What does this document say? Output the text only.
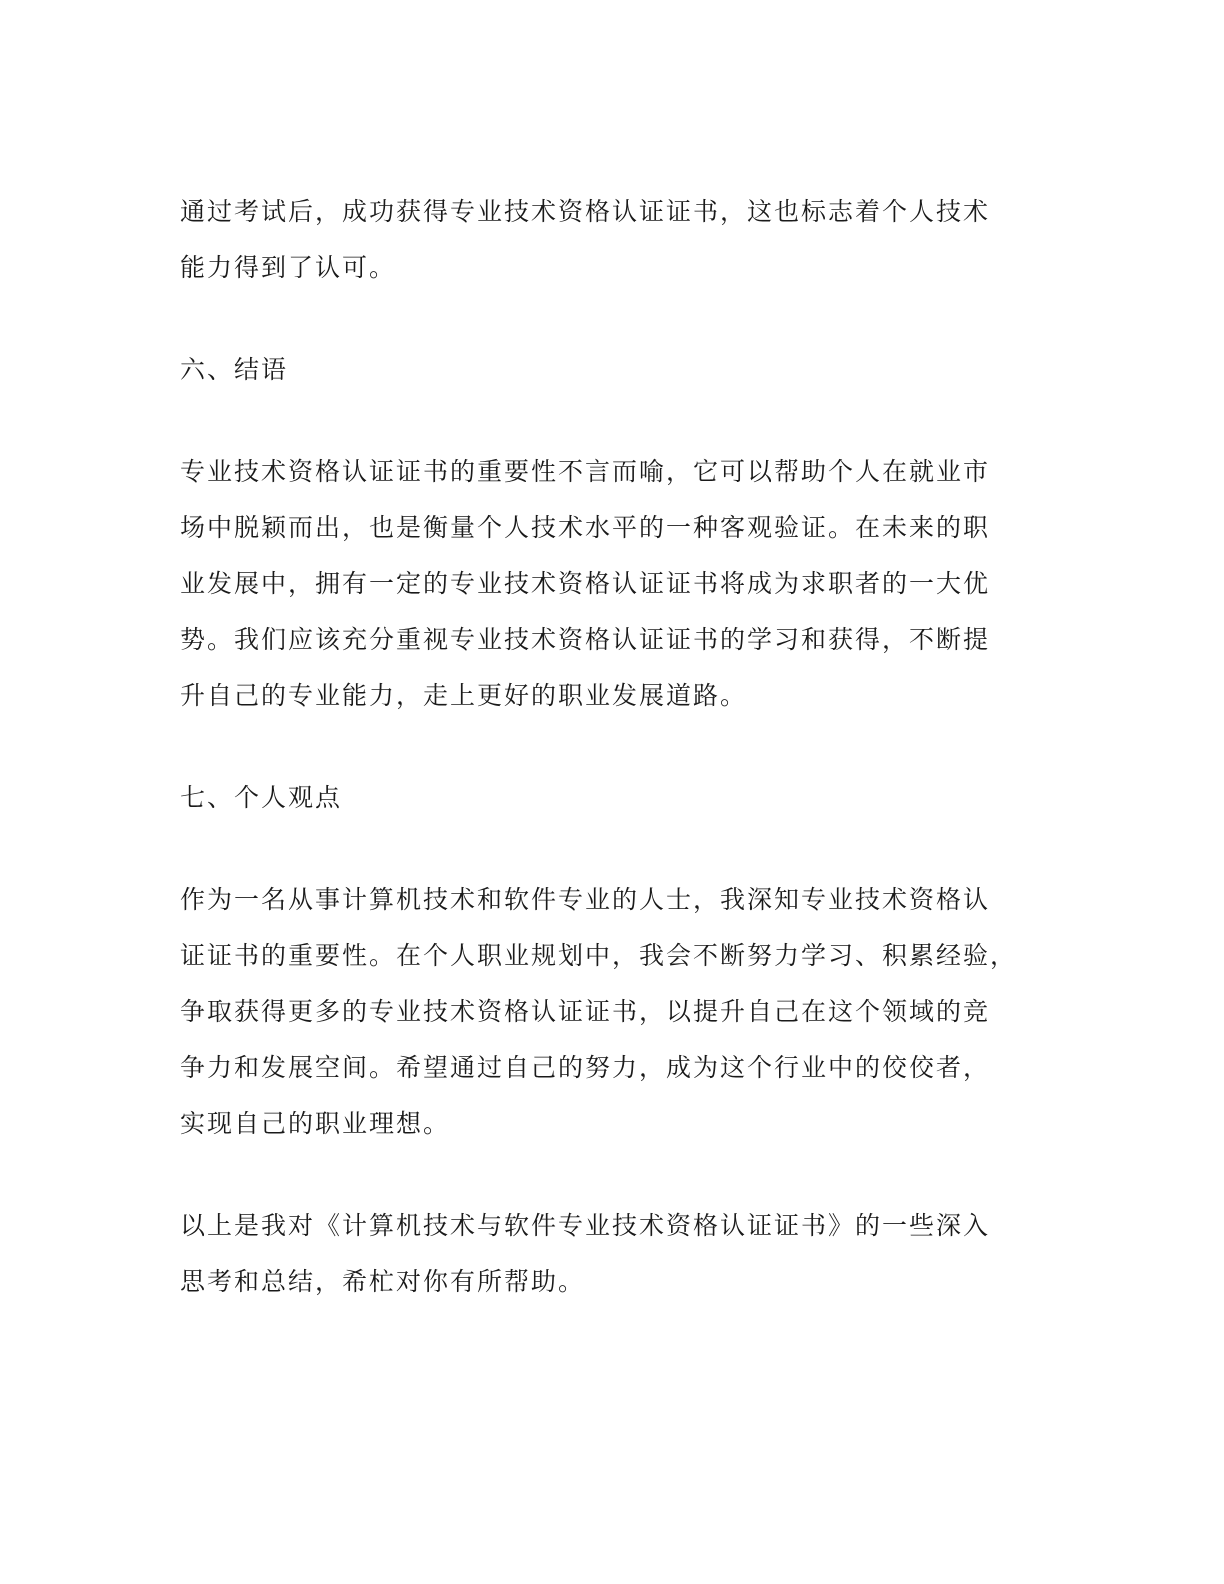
通过考试后，成功获得专业技术资格认证证书，这也标志着个人技术
能力得到了认可。
六、结语
专业技术资格认证证书的重要性不言而喻，它可以帮助个人在就业市
场中脱颖而出，也是衡量个人技术水平的一种客观验证。在未来的职
业发展中，拥有一定的专业技术资格认证证书将成为求职者的一大优
势。我们应该充分重视专业技术资格认证证书的学习和获得，不断提
升自己的专业能力，走上更好的职业发展道路。
七、个人观点
作为一名从事计算机技术和软件专业的人士，我深知专业技术资格认
证证书的重要性。在个人职业规划中，我会不断努力学习、积累经验，
争取获得更多的专业技术资格认证证书，以提升自己在这个领域的竞
争力和发展空间。希望通过自己的努力，成为这个行业中的佼佼者，
实现自己的职业理想。
以上是我对《计算机技术与软件专业技术资格认证证书》的一些深入
思考和总结，希杧对你有所帮助。
